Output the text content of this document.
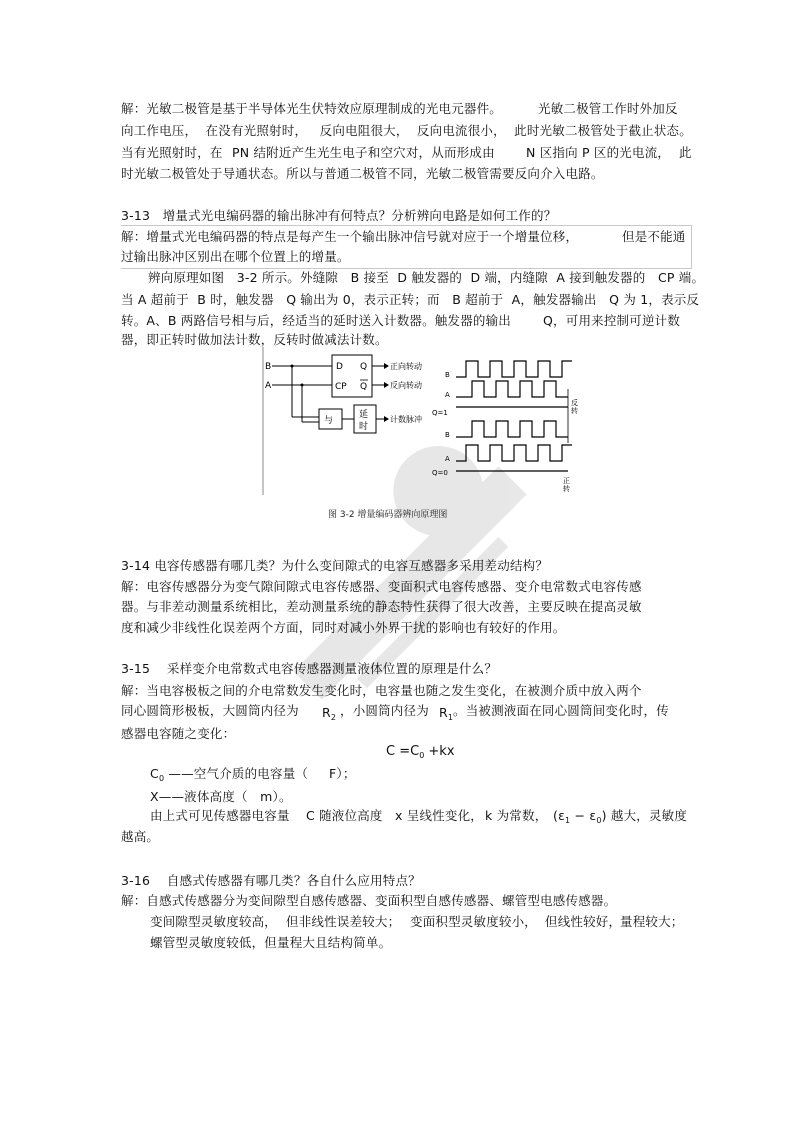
解：光敏二极管是基于半导体光生伏特效应原理制成的光电元器件。	光敏二极管工作时外加反
向工作电压，  在没有光照射时，   反向电阻很大，  反向电流很小，  此时光敏二极管处于截止状态。
当有光照射时，在 PN 结附近产生光生电子和空穴对，从而形成由 N 区指向 P 区的光电流， 此
时光敏二极管处于导通状态。所以与普通二极管不同，光敏二极管需要反向介入电路。
3-13   增量式光电编码器的输出脉冲有何特点？分析辨向电路是如何工作的？
解：增量式光电编码器的特点是每产生一个输出脉冲信号就对应于一个增量位移，	但是不能通
过输出脉冲区别出在哪个位置上的增量。
辨向原理如图   3-2 所示。外缝隙   B 接至  D 触发器的  D 端，内缝隙  A 接到触发器的   CP 端。
当 A 超前于  B 时，触发器   Q 输出为 0，表示正转；而   B 超前于  A，触发器输出   Q 为 1，表示反
转。A、B 两路信号相与后，经适当的延时送入计数器。触发器的输出	Q，可用来控制可逆计数
器，即正转时做加法计数，反转时做减法计数。
B
A
D Q
CP Q
正向转动
反向转动
与
延
时
计数脉冲
B
A
Q=1
反
转
B
A
Q=0
正
转
图 3-2 增量编码器辨向原理图
3-14 电容传感器有哪几类？为什么变间隙式的电容互感器多采用差动结构？
解：电容传感器分为变气隙间隙式电容传感器、变面积式电容传感器、变介电常数式电容传感
器。与非差动测量系统相比，差动测量系统的静态特性获得了很大改善，主要反映在提高灵敏
度和减少非线性化误差两个方面，同时对减小外界干扰的影响也有较好的作用。
3-15    采样变介电常数式电容传感器测量液体位置的原理是什么？
解：当电容极板之间的介电常数发生变化时，电容量也随之发生变化，在被测介质中放入两个
同心圆筒形极板，大圆筒内径为 $R_2$ ，小圆筒内径为 $R_1$ 。当被测液面在同心圆筒间变化时，传
感器电容随之变化：
$C =C_0 +kx$
$C_0$ ——空气介质的电容量（     F）；
X——液体高度（   m）。
由上式可见传感器电容量 C 随液位高度 x 呈线性变化， k 为常数， $(\varepsilon_1 - \varepsilon_0)$ 越大，灵敏度
越高。
3-16    自感式传感器有哪几类？各自什么应用特点？
解：自感式传感器分为变间隙型自感传感器、变面积型自感传感器、螺管型电感传感器。
变间隙型灵敏度较高， 但非线性误差较大； 变面积型灵敏度较小， 但线性较好，
量程较大；
螺管型灵敏度较低，但量程大且结构简单。
